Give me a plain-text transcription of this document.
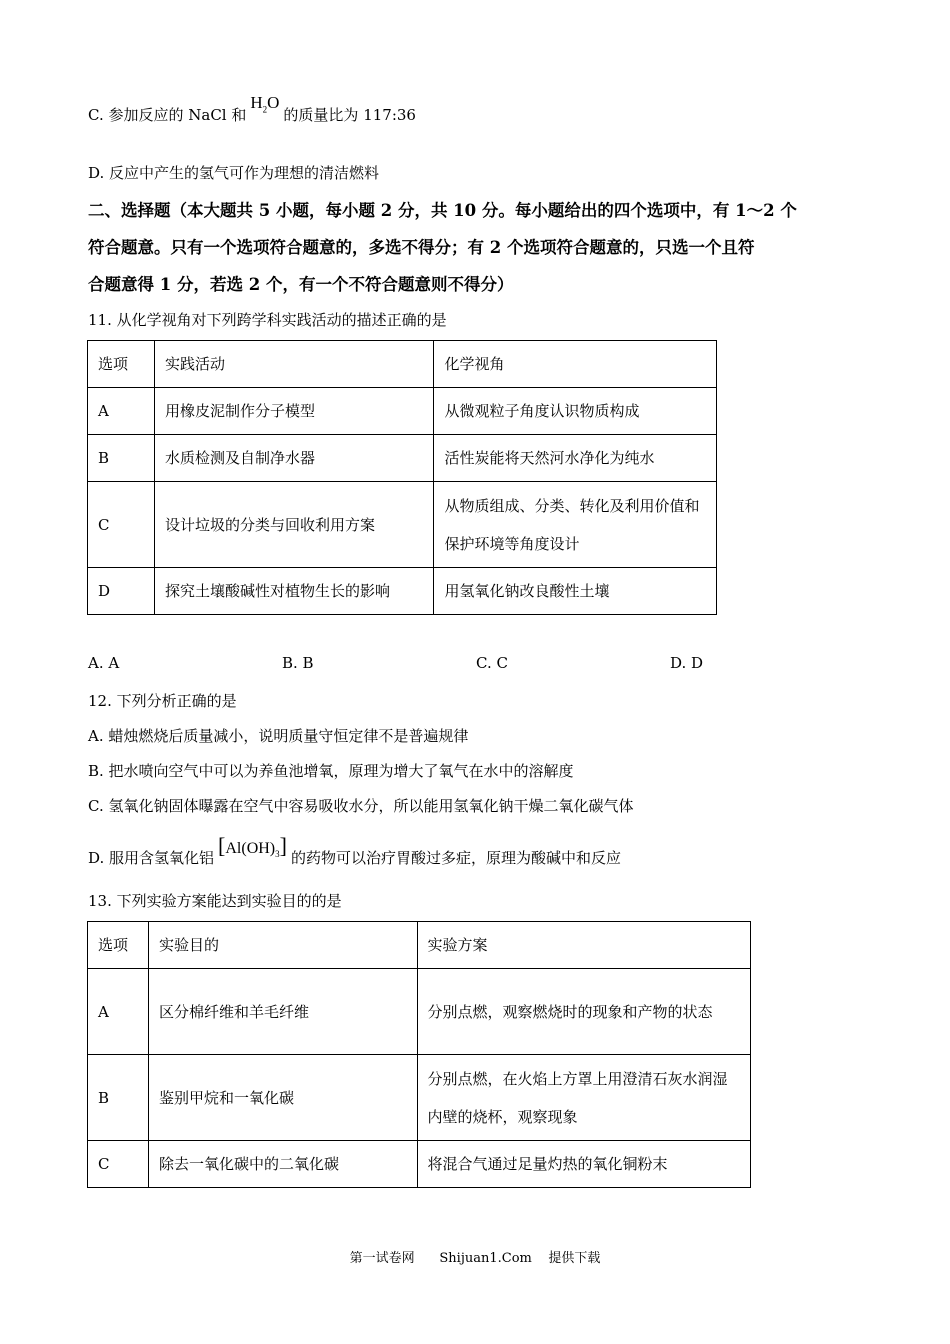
C. 参加反应的 NaCl 和$H_2O$的质量比为 117:36
D. 反应中产生的氢气可作为理想的清洁燃料
二、选择题（本大题共 5 小题，每小题 2 分，共 10 分。每小题给出的四个选项中，有 1～2 个
符合题意。只有一个选项符合题意的，多选不得分；有 2 个选项符合题意的，只选一个且符
合题意得 1 分，若选 2 个，有一个不符合题意则不得分）
11. 从化学视角对下列跨学科实践活动的描述正确的是
选项	实践活动	化学视角
A	用橡皮泥制作分子模型	从微观粒子角度认识物质构成
B	水质检测及自制净水器	活性炭能将天然河水净化为纯水
C	设计垃圾的分类与回收利用方案	从物质组成、分类、转化及利用价值和保护环境等角度设计
D	探究土壤酸碱性对植物生长的影响	用氢氧化钠改良酸性土壤
A. A	B. B	C. C	D. D
12. 下列分析正确的是
A. 蜡烛燃烧后质量减小，说明质量守恒定律不是普遍规律
B. 把水喷向空气中可以为养鱼池增氧，原理为增大了氧气在水中的溶解度
C. 氢氧化钠固体曝露在空气中容易吸收水分，所以能用氢氧化钠干燥二氧化碳气体
D. 服用含氢氧化铝 $[Al(OH)_3]$ 的药物可以治疗胃酸过多症，原理为酸碱中和反应
13. 下列实验方案能达到实验目的的是
选项	实验目的	实验方案
A	区分棉纤维和羊毛纤维	分别点燃，观察燃烧时的现象和产物的状态
B	鉴别甲烷和一氧化碳	分别点燃，在火焰上方罩上用澄清石灰水润湿内壁的烧杯，观察现象
C	除去一氧化碳中的二氧化碳	将混合气通过足量灼热的氧化铜粉末
第一试卷网      Shijuan1.Com    提供下载
